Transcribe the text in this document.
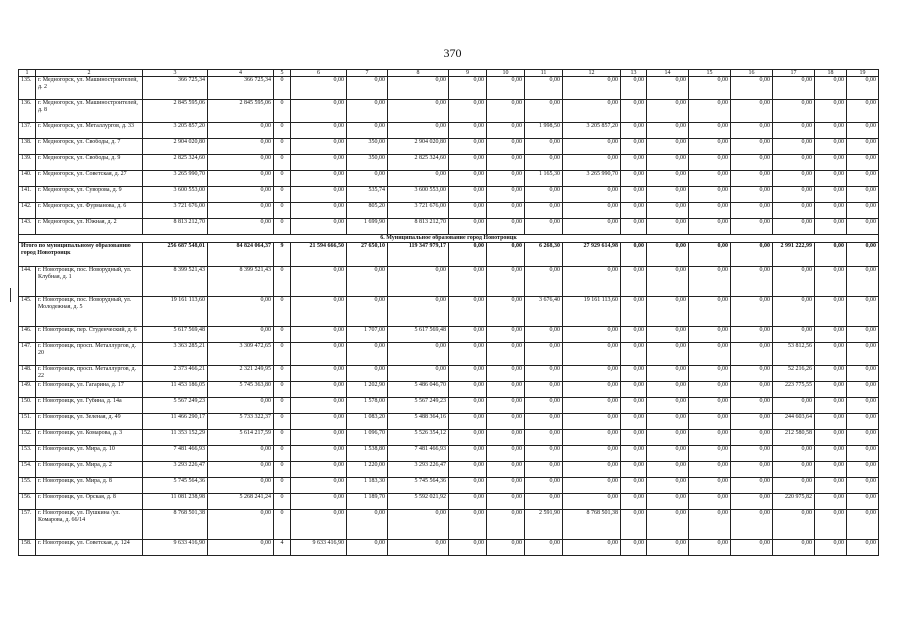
370
1	2	3	4	5	6	7	8	9	10	11	12	13	14	15	16	17	18	19
135.	г. Медногорск, ул. Машиностроителей, д. 2	366 725,34	366 725,34	0	0,00	0,00	0,00	0,00	0,00	0,00	0,00	0,00	0,00	0,00	0,00	0,00	0,00	0,00
136.	г. Медногорск, ул. Машиностроителей, д. 8	2 845 595,06	2 845 595,06	0	0,00	0,00	0,00	0,00	0,00	0,00	0,00	0,00	0,00	0,00	0,00	0,00	0,00	0,00
137.	г. Медногорск, ул. Металлургов, д. 33	3 205 857,20	0,00	0	0,00	0,00	0,00	0,00	0,00	1 998,50	3 205 857,20	0,00	0,00	0,00	0,00	0,00	0,00	0,00
138.	г. Медногорск, ул. Свободы, д. 7	2 904 020,80	0,00	0	0,00	350,00	2 904 020,80	0,00	0,00	0,00	0,00	0,00	0,00	0,00	0,00	0,00	0,00	0,00
139.	г. Медногорск, ул. Свободы, д. 9	2 825 324,60	0,00	0	0,00	350,00	2 825 324,60	0,00	0,00	0,00	0,00	0,00	0,00	0,00	0,00	0,00	0,00	0,00
140.	г. Медногорск, ул. Советская, д. 27	3 265 990,70	0,00	0	0,00	0,00	0,00	0,00	0,00	1 165,30	3 265 990,70	0,00	0,00	0,00	0,00	0,00	0,00	0,00
141.	г. Медногорск, ул. Суворова, д. 9	3 600 553,00	0,00	0	0,00	535,74	3 600 553,00	0,00	0,00	0,00	0,00	0,00	0,00	0,00	0,00	0,00	0,00	0,00
142.	г. Медногорск, ул. Фурманова, д. 6	3 721 676,00	0,00	0	0,00	805,20	3 721 676,00	0,00	0,00	0,00	0,00	0,00	0,00	0,00	0,00	0,00	0,00	0,00
143.	г. Медногорск, ул. Южная, д. 2	8 813 212,70	0,00	0	0,00	1 699,90	8 813 212,70	0,00	0,00	0,00	0,00	0,00	0,00	0,00	0,00	0,00	0,00	0,00
6. Муниципальное образование город Новотроицк																		
Итого по муниципальному образованию город Новотроицк		256 687 548,01	84 824 064,37	9	21 594 666,50	27 650,10	119 347 979,17	0,00	0,00	6 268,30	27 929 614,98	0,00	0,00	0,00	0,00	2 991 222,99	0,00	0,00
144.	г. Новотроицк, пос. Новорудный, ул. Клубная, д. 1	8 399 521,43	8 399 521,43	0	0,00	0,00	0,00	0,00	0,00	0,00	0,00	0,00	0,00	0,00	0,00	0,00	0,00	0,00
145.	г. Новотроицк, пос. Новорудный, ул. Молодежная, д. 5	19 161 113,60	0,00	0	0,00	0,00	0,00	0,00	0,00	3 676,40	19 161 113,60	0,00	0,00	0,00	0,00	0,00	0,00	0,00
146.	г. Новотроицк, пер. Студенческий, д. 6	5 617 569,48	0,00	0	0,00	1 707,00	5 617 569,48	0,00	0,00	0,00	0,00	0,00	0,00	0,00	0,00	0,00	0,00	0,00
147.	г. Новотроицк, просп. Металлургов, д. 20	3 363 285,21	3 309 472,65	0	0,00	0,00	0,00	0,00	0,00	0,00	0,00	0,00	0,00	0,00	0,00	53 812,56	0,00	0,00
148.	г. Новотроицк, просп. Металлургов, д. 22	2 373 466,21	2 321 249,95	0	0,00	0,00	0,00	0,00	0,00	0,00	0,00	0,00	0,00	0,00	0,00	52 216,26	0,00	0,00
149.	г. Новотроицк, ул. Гагарина, д. 17	11 453 186,05	5 745 363,80	0	0,00	1 202,90	5 486 046,70	0,00	0,00	0,00	0,00	0,00	0,00	0,00	0,00	223 775,55	0,00	0,00
150.	г. Новотроицк, ул. Губина, д. 14а	5 567 249,23	0,00	0	0,00	1 578,00	5 567 249,23	0,00	0,00	0,00	0,00	0,00	0,00	0,00	0,00	0,00	0,00	0,00
151.	г. Новотроицк, ул. Зеленая, д. 49	11 466 290,17	5 733 322,37	0	0,00	1 083,20	5 488 364,16	0,00	0,00	0,00	0,00	0,00	0,00	0,00	0,00	244 603,64	0,00	0,00
152.	г. Новотроицк, ул. Комарова, д. 3	11 353 152,29	5 614 217,59	0	0,00	1 096,70	5 526 354,12	0,00	0,00	0,00	0,00	0,00	0,00	0,00	0,00	212 580,58	0,00	0,00
153.	г. Новотроицк, ул. Мира, д. 10	7 481 466,93	0,00	0	0,00	1 538,80	7 481 466,93	0,00	0,00	0,00	0,00	0,00	0,00	0,00	0,00	0,00	0,00	0,00
154.	г. Новотроицк, ул. Мира, д. 2	3 293 226,47	0,00	0	0,00	1 220,00	3 293 226,47	0,00	0,00	0,00	0,00	0,00	0,00	0,00	0,00	0,00	0,00	0,00
155.	г. Новотроицк, ул. Мира, д. 8	5 745 564,36	0,00	0	0,00	1 183,30	5 745 564,36	0,00	0,00	0,00	0,00	0,00	0,00	0,00	0,00	0,00	0,00	0,00
156.	г. Новотроицк, ул. Орская, д. 8	11 081 238,98	5 268 241,24	0	0,00	1 189,70	5 592 021,92	0,00	0,00	0,00	0,00	0,00	0,00	0,00	0,00	220 975,82	0,00	0,00
157.	г. Новотроицк, ул. Пушкина /ул. Комарова, д. 66/14	8 768 501,38	0,00	0	0,00	0,00	0,00	0,00	0,00	2 591,90	8 768 501,38	0,00	0,00	0,00	0,00	0,00	0,00	0,00
158.	г. Новотроицк, ул. Советская, д. 124	9 633 416,90	0,00	4	9 633 416,90	0,00	0,00	0,00	0,00	0,00	0,00	0,00	0,00	0,00	0,00	0,00	0,00	0,00
